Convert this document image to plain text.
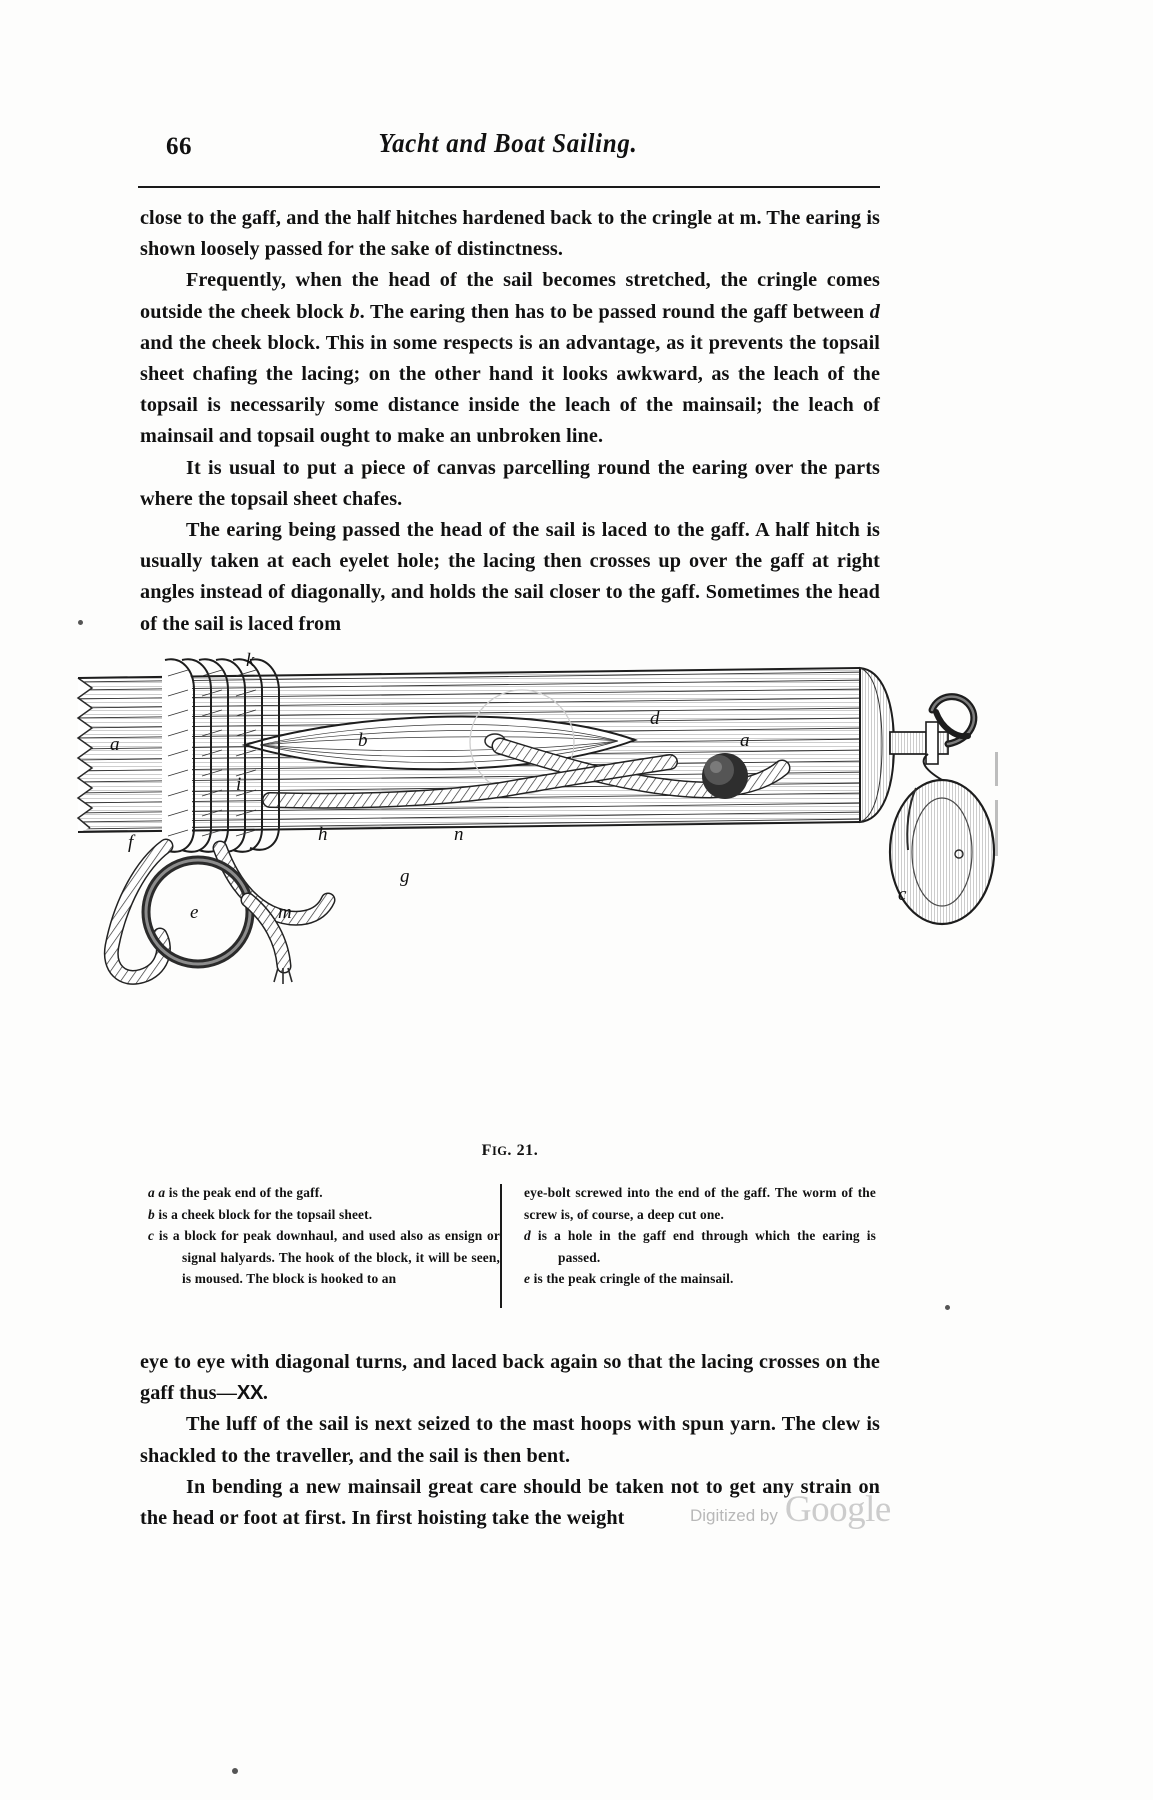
66	Yacht and Boat Sailing.

close to the gaff, and the half hitches hardened back to the cringle at m. The earing is shown loosely passed for the sake of distinctness.

Frequently, when the head of the sail becomes stretched, the cringle comes outside the cheek block b. The earing then has to be passed round the gaff between d and the cheek block. This in some respects is an advantage, as it prevents the topsail sheet chafing the lacing; on the other hand it looks awkward, as the leach of the topsail is necessarily some distance inside the leach of the mainsail; the leach of mainsail and topsail ought to make an unbroken line.

It is usual to put a piece of canvas parcelling round the earing over the parts where the topsail sheet chafes.

The earing being passed the head of the sail is laced to the gaff. A half hitch is usually taken at each eyelet hole; the lacing then crosses up over the gaff at right angles instead of diagonally, and holds the sail closer to the gaff. Sometimes the head of the sail is laced from

k
a	b
d
a
c
e
f
g
h
i
m
n
FIG. 21.
a a is the peak end of the gaff.
b is a cheek block for the topsail sheet.
c is a block for peak downhaul, and used also as ensign or signal halyards. The hook of the block, it will be seen, is moused. The block is hooked to an
eye-bolt screwed into the end of the gaff. The worm of the screw is, of course, a deep cut one.
d is a hole in the gaff end through which the earing is passed.
e is the peak cringle of the mainsail.

eye to eye with diagonal turns, and laced back again so that the lacing crosses on the gaff thus—XX.

The luff of the sail is next seized to the mast hoops with spun yarn. The clew is shackled to the traveller, and the sail is then bent.

In bending a new mainsail great care should be taken not to get any strain on the head or foot at first. In first hoisting take the weight	Digitized by Google
